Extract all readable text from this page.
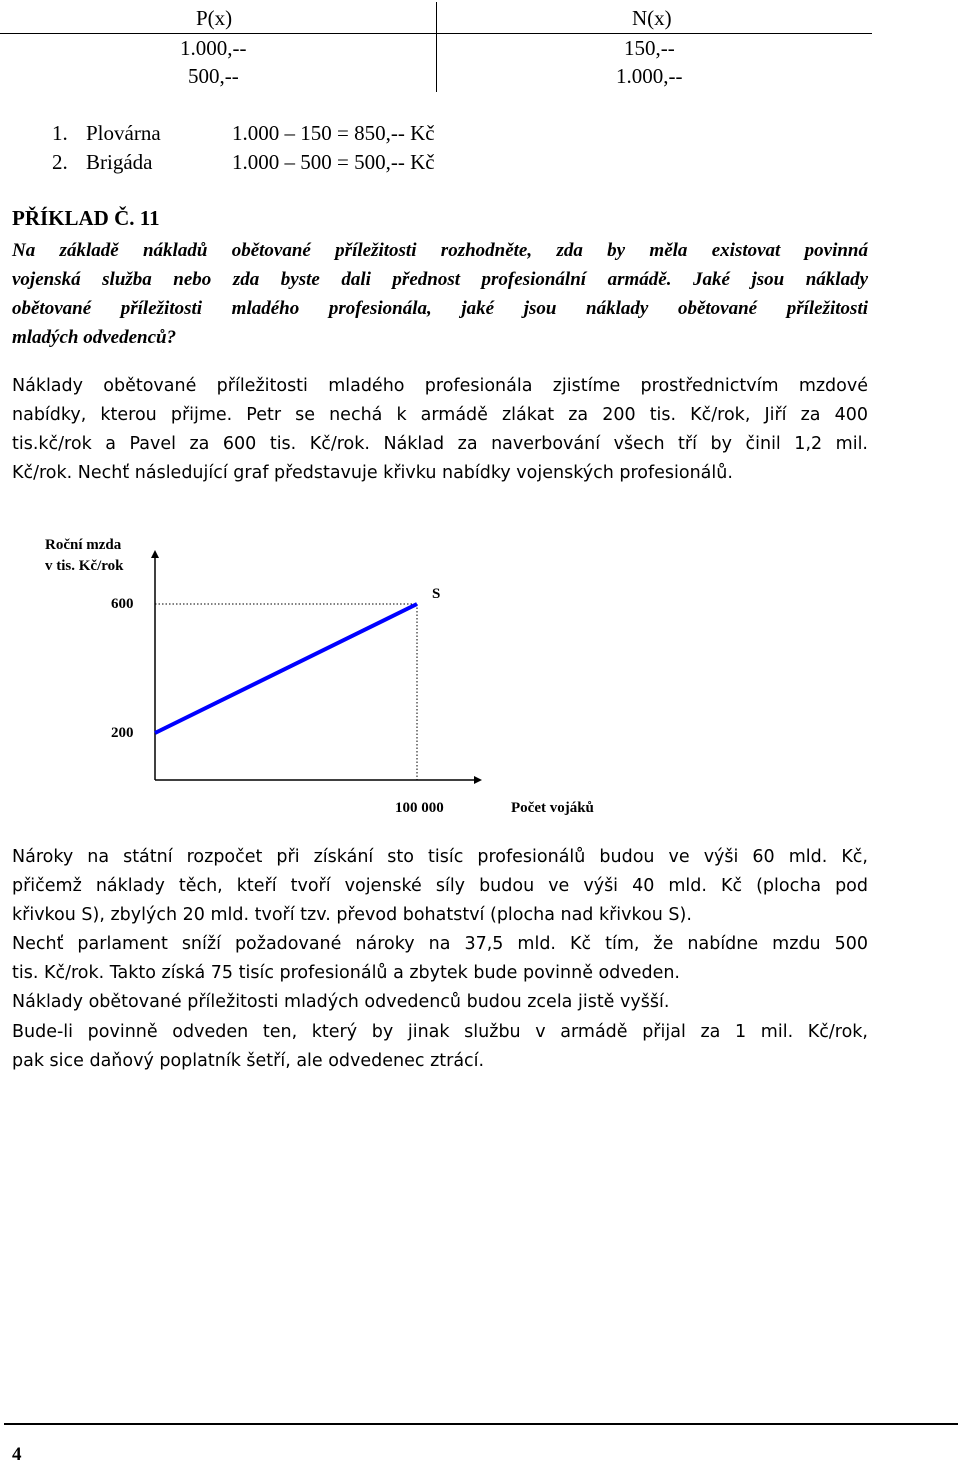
P(x)	N(x)
1.000,--	150,--
500,--	1.000,--
1. Plovárna	1.000 – 150 = 850,-- Kč
2. Brigáda	1.000 – 500 = 500,-- Kč
PŘÍKLAD Č. 11
Na základě nákladů obětované příležitosti rozhodněte, zda by měla existovat povinná
vojenská služba nebo zda byste dali přednost profesionální armádě. Jaké jsou náklady
obětované příležitosti mladého profesionála, jaké jsou náklady obětované příležitosti
mladých odvedenců?
Náklady obětované příležitosti mladého profesionála zjistíme prostřednictvím mzdové
nabídky, kterou přijme. Petr se nechá k armádě zlákat za 200 tis. Kč/rok, Jiří za 400
tis.kč/rok a Pavel za 600 tis. Kč/rok. Náklad za naverbování všech tří by činil 1,2 mil.
Kč/rok. Nechť následující graf představuje křivku nabídky vojenských profesionálů.
Roční mzda
v tis. Kč/rok
600
200
100 000	Počet vojáků
S
Nároky na státní rozpočet při získání sto tisíc profesionálů budou ve výši 60 mld. Kč,
přičemž náklady těch, kteří tvoří vojenské síly budou ve výši 40 mld. Kč (plocha pod
křivkou S), zbylých 20 mld. tvoří tzv. převod bohatství (plocha nad křivkou S).
Nechť parlament sníží požadované nároky na 37,5 mld. Kč tím, že nabídne mzdu 500
tis. Kč/rok. Takto získá 75 tisíc profesionálů a zbytek bude povinně odveden.
Náklady obětované příležitosti mladých odvedenců budou zcela jistě vyšší.
Bude-li povinně odveden ten, který by jinak službu v armádě přijal za 1 mil. Kč/rok,
pak sice daňový poplatník šetří, ale odvedenec ztrácí.
4
